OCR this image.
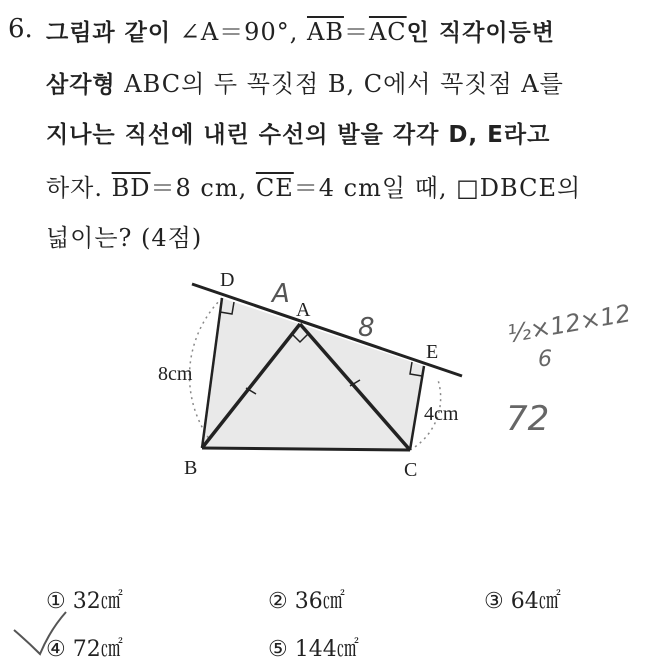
6. 그림과 같이 ∠A＝90°, $\overline{AB}=\overline{AC}$인 직각이등변
삼각형 ABC의 두 꼭짓점 B, C에서 꼭짓점 A를
지나는 직선에 내린 수선의 발을 각각 D, E라고
하자. $\overline{BD}=8$ cm, $\overline{CE}=4$ cm일 때, □DBCE의
넓이는? (4점)
D
A
E
B	C
8cm
4cm
A
8	½×12×12
6
72
① 32㎠	② 36㎠	③ 64㎠
④ 72㎠	⑤ 144㎠
